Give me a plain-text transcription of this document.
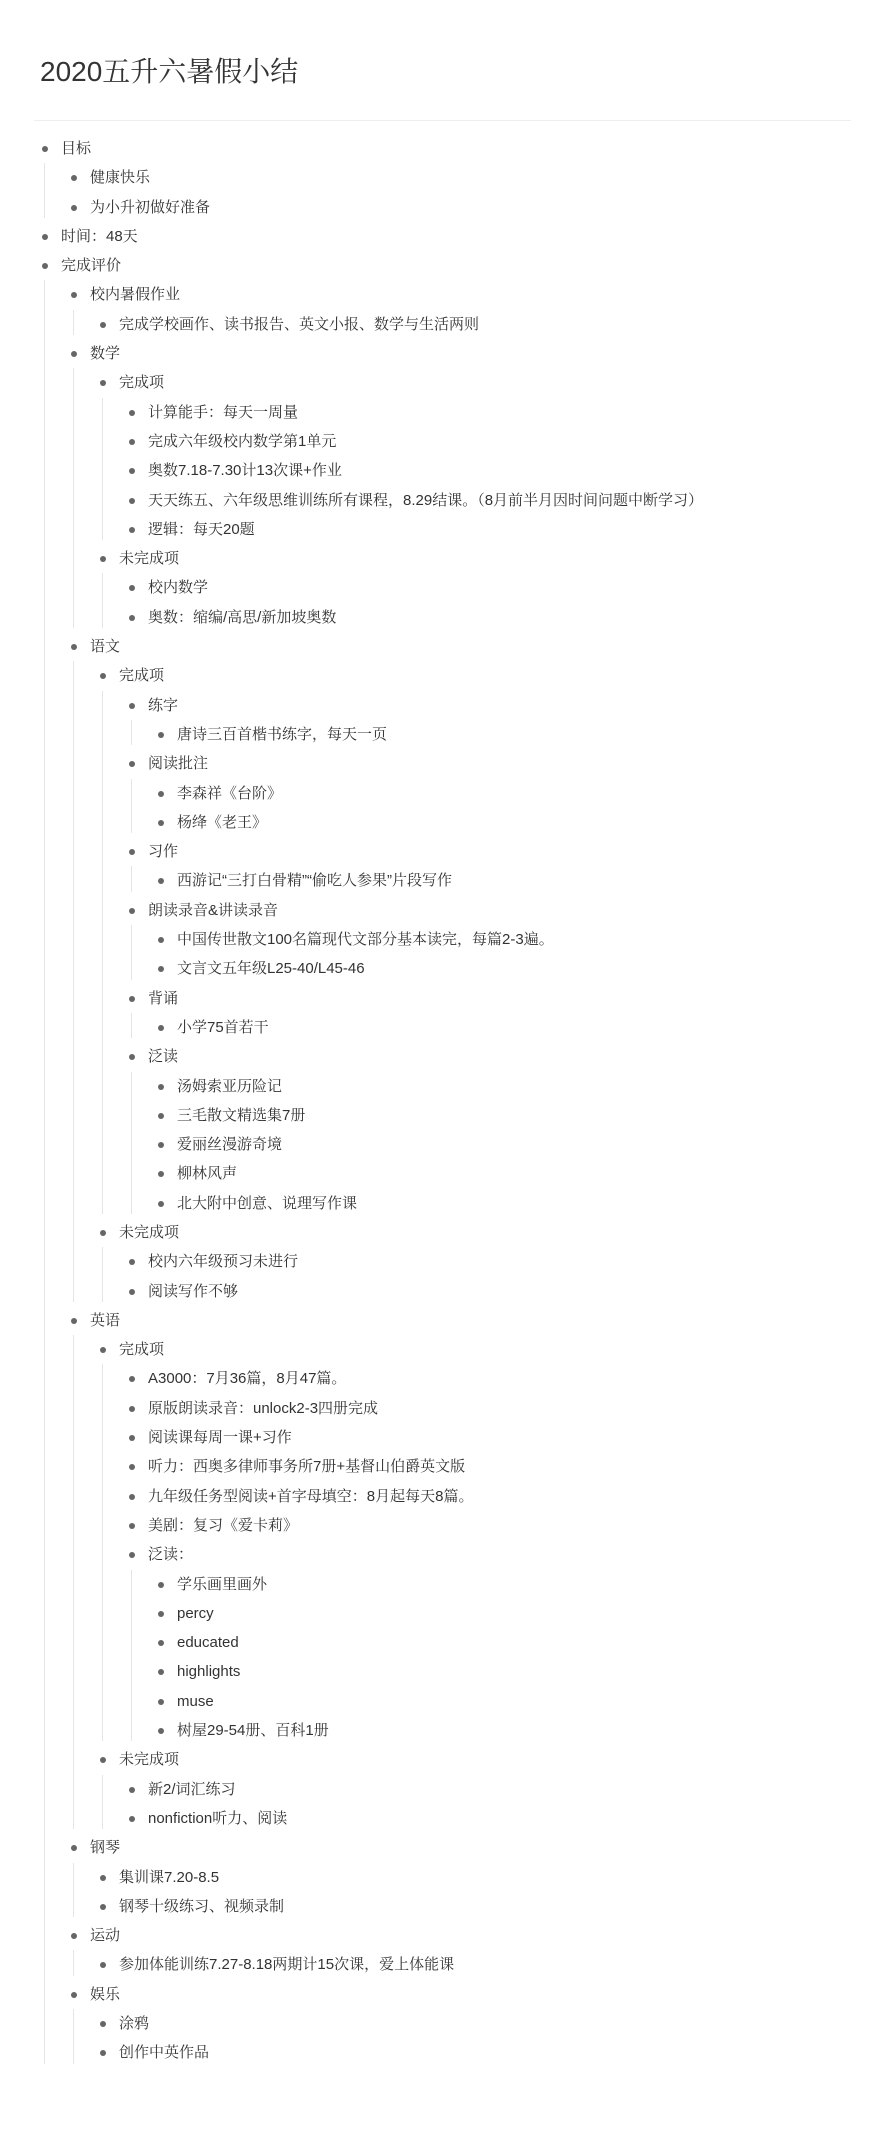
2020五升六暑假小结
目标
健康快乐
为小升初做好准备
时间：48天
完成评价
校内暑假作业
完成学校画作、读书报告、英文小报、数学与生活两则
数学
完成项
计算能手：每天一周量
完成六年级校内数学第1单元
奥数7.18-7.30计13次课+作业
天天练五、六年级思维训练所有课程，8.29结课。（8月前半月因时间问题中断学习）
逻辑：每天20题
未完成项
校内数学
奥数：缩编/高思/新加坡奥数
语文
完成项
练字
唐诗三百首楷书练字，每天一页
阅读批注
李森祥《台阶》
杨绛《老王》
习作
西游记“三打白骨精”“偷吃人参果”片段写作
朗读录音&讲读录音
中国传世散文100名篇现代文部分基本读完，每篇2-3遍。
文言文五年级L25-40/L45-46
背诵
小学75首若干
泛读
汤姆索亚历险记
三毛散文精选集7册
爱丽丝漫游奇境
柳林风声
北大附中创意、说理写作课
未完成项
校内六年级预习未进行
阅读写作不够
英语
完成项
A3000：7月36篇，8月47篇。
原版朗读录音：unlock2-3四册完成
阅读课每周一课+习作
听力：西奥多律师事务所7册+基督山伯爵英文版
九年级任务型阅读+首字母填空：8月起每天8篇。
美剧：复习《爱卡莉》
泛读：
学乐画里画外
percy
educated
highlights
muse
树屋29-54册、百科1册
未完成项
新2/词汇练习
nonfiction听力、阅读
钢琴
集训课7.20-8.5
钢琴十级练习、视频录制
运动
参加体能训练7.27-8.18两期计15次课，爱上体能课
娱乐
涂鸦
创作中英作品
